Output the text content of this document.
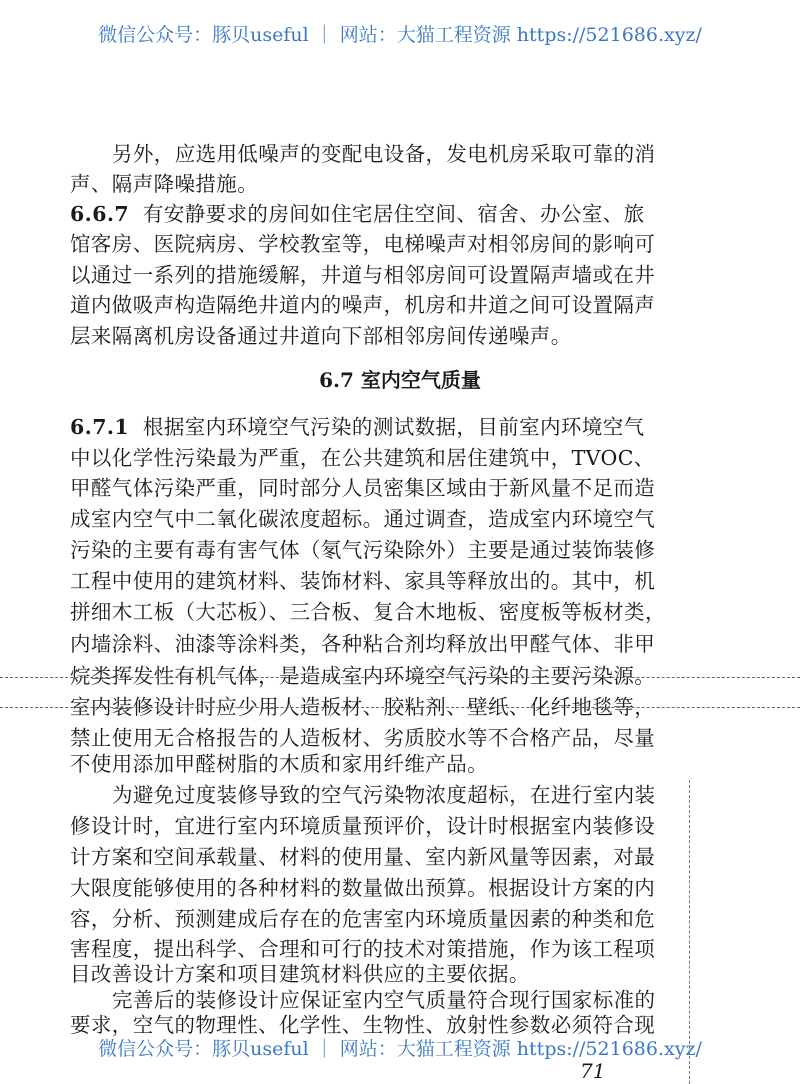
微信公众号：豚贝useful ｜ 网站：大猫工程资源 https://521686.xyz/
另外，应选用低噪声的变配电设备，发电机房采取可靠的消
声、隔声降噪措施。
6.6.7 有安静要求的房间如住宅居住空间、宿舍、办公室、旅
馆客房、医院病房、学校教室等，电梯噪声对相邻房间的影响可
以通过一系列的措施缓解，井道与相邻房间可设置隔声墙或在井
道内做吸声构造隔绝井道内的噪声，机房和井道之间可设置隔声
层来隔离机房设备通过井道向下部相邻房间传递噪声。
6.7 室内空气质量
6.7.1 根据室内环境空气污染的测试数据，目前室内环境空气
中以化学性污染最为严重，在公共建筑和居住建筑中，TVOC、
甲醛气体污染严重，同时部分人员密集区域由于新风量不足而造
成室内空气中二氧化碳浓度超标。通过调查，造成室内环境空气
污染的主要有毒有害气体（氡气污染除外）主要是通过装饰装修
工程中使用的建筑材料、装饰材料、家具等释放出的。其中，机
拼细木工板（大芯板）、三合板、复合木地板、密度板等板材类，
内墙涂料、油漆等涂料类，各种粘合剂均释放出甲醛气体、非甲
烷类挥发性有机气体，是造成室内环境空气污染的主要污染源。
室内装修设计时应少用人造板材、胶粘剂、壁纸、化纤地毯等，
禁止使用无合格报告的人造板材、劣质胶水等不合格产品，尽量
不使用添加甲醛树脂的木质和家用纤维产品。
为避免过度装修导致的空气污染物浓度超标，在进行室内装
修设计时，宜进行室内环境质量预评价，设计时根据室内装修设
计方案和空间承载量、材料的使用量、室内新风量等因素，对最
大限度能够使用的各种材料的数量做出预算。根据设计方案的内
容，分析、预测建成后存在的危害室内环境质量因素的种类和危
害程度，提出科学、合理和可行的技术对策措施，作为该工程项
目改善设计方案和项目建筑材料供应的主要依据。
完善后的装修设计应保证室内空气质量符合现行国家标准的
要求，空气的物理性、化学性、生物性、放射性参数必须符合现
微信公众号：豚贝useful ｜ 网站：大猫工程资源 https://521686.xyz/
71
